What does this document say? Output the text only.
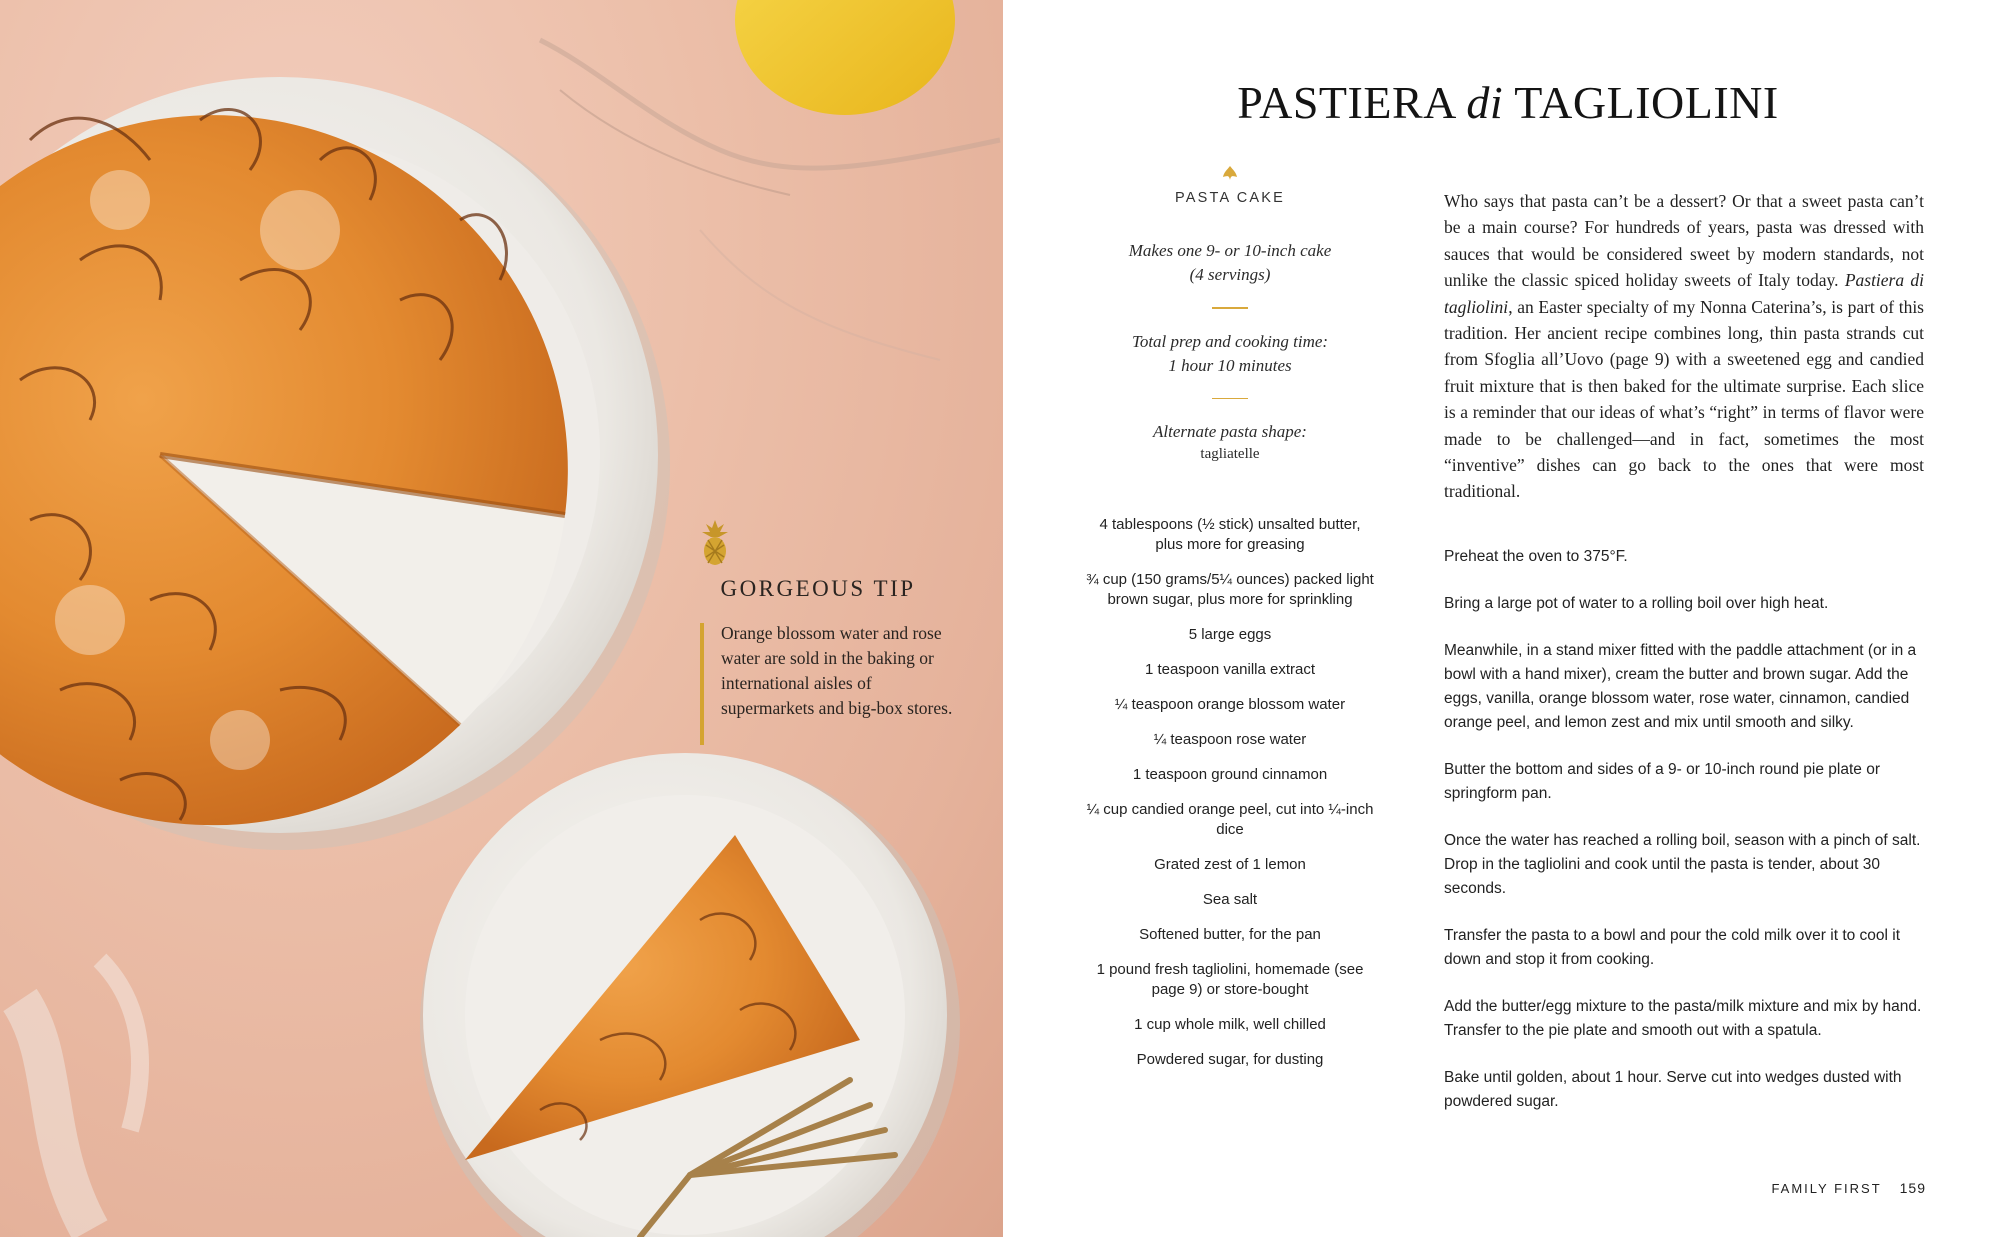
GORGEOUS TIP
Orange blossom water and rose water are sold in the baking or international aisles of supermarkets and big-box stores.
PASTIERA di TAGLIOLINI
PASTA CAKE
Makes one 9- or 10-inch cake
(4 servings)
Total prep and cooking time:
1 hour 10 minutes
Alternate pasta shape:
tagliatelle
4 tablespoons (½ stick) unsalted butter, plus more for greasing
¾ cup (150 grams/5¼ ounces) packed light brown sugar, plus more for sprinkling
5 large eggs
1 teaspoon vanilla extract
¼ teaspoon orange blossom water
¼ teaspoon rose water
1 teaspoon ground cinnamon
¼ cup candied orange peel, cut into ¼-inch dice
Grated zest of 1 lemon
Sea salt
Softened butter, for the pan
1 pound fresh tagliolini, homemade (see page 9) or store-bought
1 cup whole milk, well chilled
Powdered sugar, for dusting
Who says that pasta can’t be a dessert? Or that a sweet pasta can’t be a main course? For hundreds of years, pasta was dressed with sauces that would be considered sweet by modern standards, not unlike the classic spiced holiday sweets of Italy today. Pastiera di tagliolini, an Easter specialty of my Nonna Caterina’s, is part of this tradition. Her ancient recipe combines long, thin pasta strands cut from Sfoglia all’Uovo (page 9) with a sweetened egg and candied fruit mixture that is then baked for the ultimate surprise. Each slice is a reminder that our ideas of what’s “right” in terms of flavor were made to be challenged—and in fact, sometimes the most “inventive” dishes can go back to the ones that were most traditional.

Preheat the oven to 375°F.

Bring a large pot of water to a rolling boil over high heat.

Meanwhile, in a stand mixer fitted with the paddle attachment (or in a bowl with a hand mixer), cream the butter and brown sugar. Add the eggs, vanilla, orange blossom water, rose water, cinnamon, candied orange peel, and lemon zest and mix until smooth and silky.

Butter the bottom and sides of a 9- or 10-inch round pie plate or springform pan.

Once the water has reached a rolling boil, season with a pinch of salt. Drop in the tagliolini and cook until the pasta is tender, about 30 seconds.

Transfer the pasta to a bowl and pour the cold milk over it to cool it down and stop it from cooking.

Add the butter/egg mixture to the pasta/milk mixture and mix by hand. Transfer to the pie plate and smooth out with a spatula.

Bake until golden, about 1 hour. Serve cut into wedges dusted with powdered sugar.

FAMILY FIRST 159
